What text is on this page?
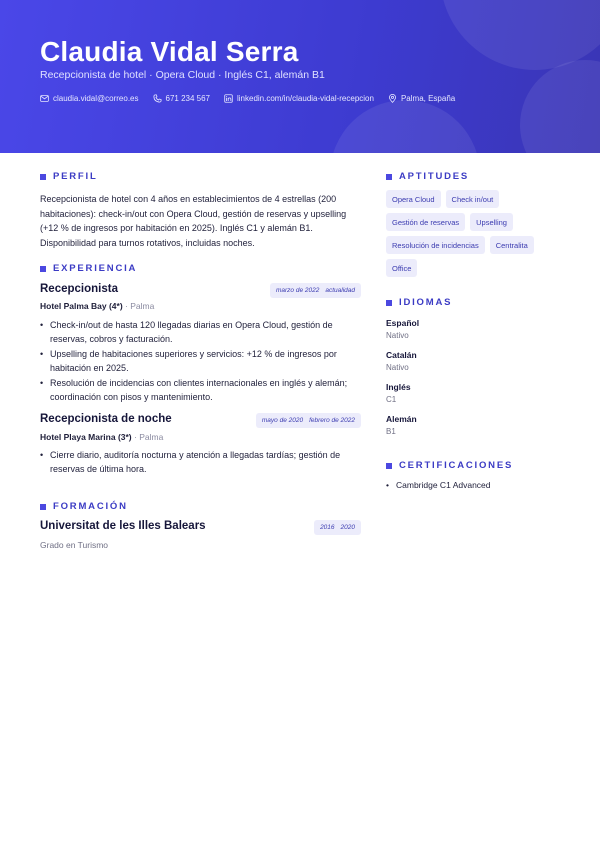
Claudia Vidal Serra
Recepcionista de hotel · Opera Cloud · Inglés C1, alemán B1
claudia.vidal@correo.es	671 234 567	linkedin.com/in/claudia-vidal-recepcion	Palma, España
PERFIL
Recepcionista de hotel con 4 años en establecimientos de 4 estrellas (200 habitaciones): check-in/out con Opera Cloud, gestión de reservas y upselling (+12 % de ingresos por habitación en 2025). Inglés C1 y alemán B1. Disponibilidad para turnos rotativos, incluidas noches.
EXPERIENCIA
Recepcionista	marzo de 2022 actualidad
Hotel Palma Bay (4*) · Palma
• Check-in/out de hasta 120 llegadas diarias en Opera Cloud, gestión de reservas, cobros y facturación.
• Upselling de habitaciones superiores y servicios: +12 % de ingresos por habitación en 2025.
• Resolución de incidencias con clientes internacionales en inglés y alemán; coordinación con pisos y mantenimiento.
Recepcionista de noche	mayo de 2020 febrero de 2022
Hotel Playa Marina (3*) · Palma
• Cierre diario, auditoría nocturna y atención a llegadas tardías; gestión de reservas de última hora.
FORMACIÓN
Universitat de les Illes Balears	2016 2020
Grado en Turismo
APTITUDES
Opera Cloud	Check in/out
Gestión de reservas	Upselling
Resolución de incidencias	Centralita
Office
IDIOMAS
Español
Nativo
Catalán
Nativo
Inglés
C1
Alemán
B1
CERTIFICACIONES
• Cambridge C1 Advanced
